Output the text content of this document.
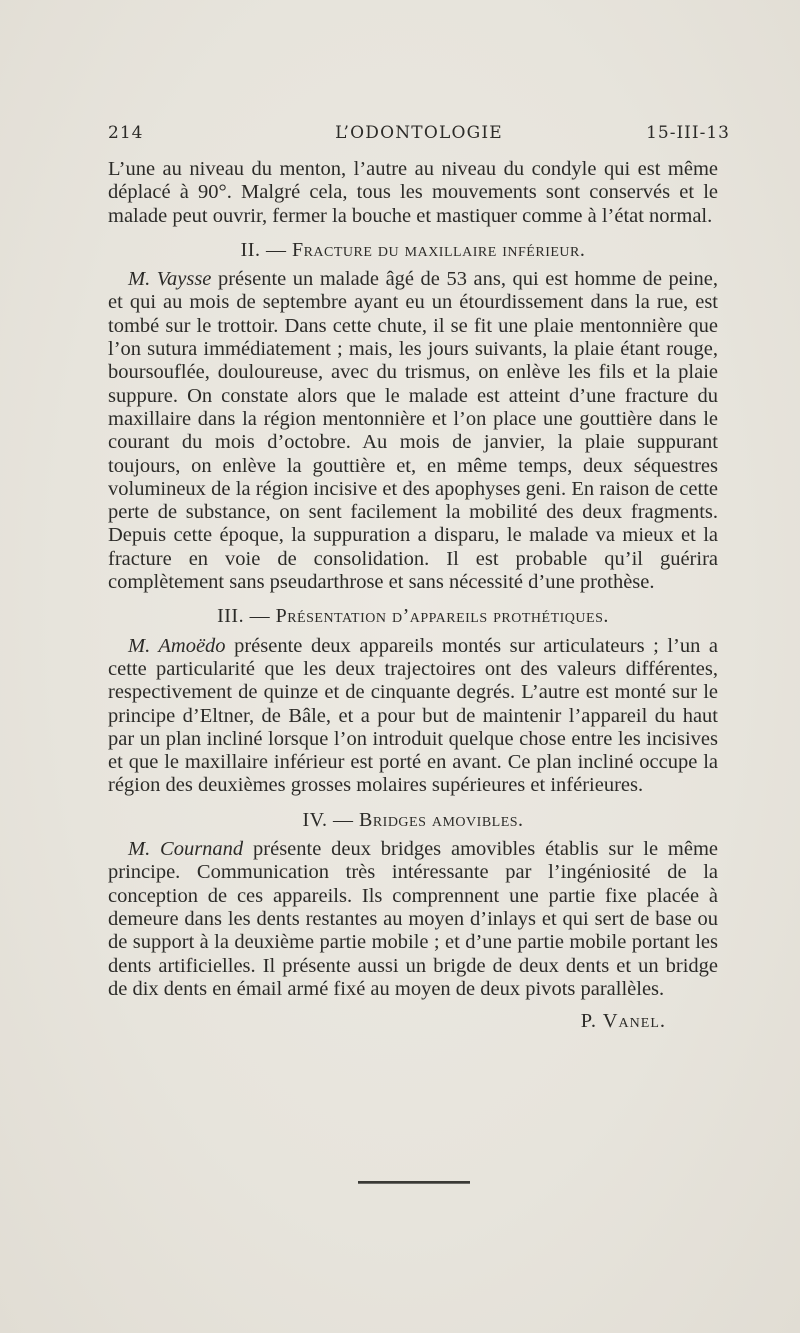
214	L’ODONTOLOGIE	15-III-13

L’une au niveau du menton, l’autre au niveau du condyle qui est même déplacé à 90°. Malgré cela, tous les mouvements sont conservés et le malade peut ouvrir, fermer la bouche et mastiquer comme à l’état normal.

II. — Fracture du maxillaire inférieur.

M. Vaysse présente un malade âgé de 53 ans, qui est homme de peine, et qui au mois de septembre ayant eu un étourdissement dans la rue, est tombé sur le trottoir. Dans cette chute, il se fit une plaie mentonnière que l’on sutura immédiatement ; mais, les jours suivants, la plaie étant rouge, boursouflée, douloureuse, avec du trismus, on enlève les fils et la plaie suppure. On constate alors que le malade est atteint d’une fracture du maxillaire dans la région mentonnière et l’on place une gouttière dans le courant du mois d’octobre. Au mois de janvier, la plaie suppurant toujours, on enlève la gouttière et, en même temps, deux séquestres volumineux de la région incisive et des apophyses geni. En raison de cette perte de substance, on sent facilement la mobilité des deux fragments. Depuis cette époque, la suppuration a disparu, le malade va mieux et la fracture en voie de consolidation. Il est probable qu’il guérira complètement sans pseudarthrose et sans nécessité d’une prothèse.

III. — Présentation d’appareils prothétiques.

M. Amoëdo présente deux appareils montés sur articulateurs ; l’un a cette particularité que les deux trajectoires ont des valeurs différentes, respectivement de quinze et de cinquante degrés. L’autre est monté sur le principe d’Eltner, de Bâle, et a pour but de maintenir l’appareil du haut par un plan incliné lorsque l’on introduit quelque chose entre les incisives et que le maxillaire inférieur est porté en avant. Ce plan incliné occupe la région des deuxièmes grosses molaires supérieures et inférieures.

IV. — Bridges amovibles.

M. Cournand présente deux bridges amovibles établis sur le même principe. Communication très intéressante par l’ingéniosité de la conception de ces appareils. Ils comprennent une partie fixe placée à demeure dans les dents restantes au moyen d’inlays et qui sert de base ou de support à la deuxième partie mobile ; et d’une partie mobile portant les dents artificielles. Il présente aussi un brigde de deux dents et un bridge de dix dents en émail armé fixé au moyen de deux pivots parallèles.

P. Vanel.
